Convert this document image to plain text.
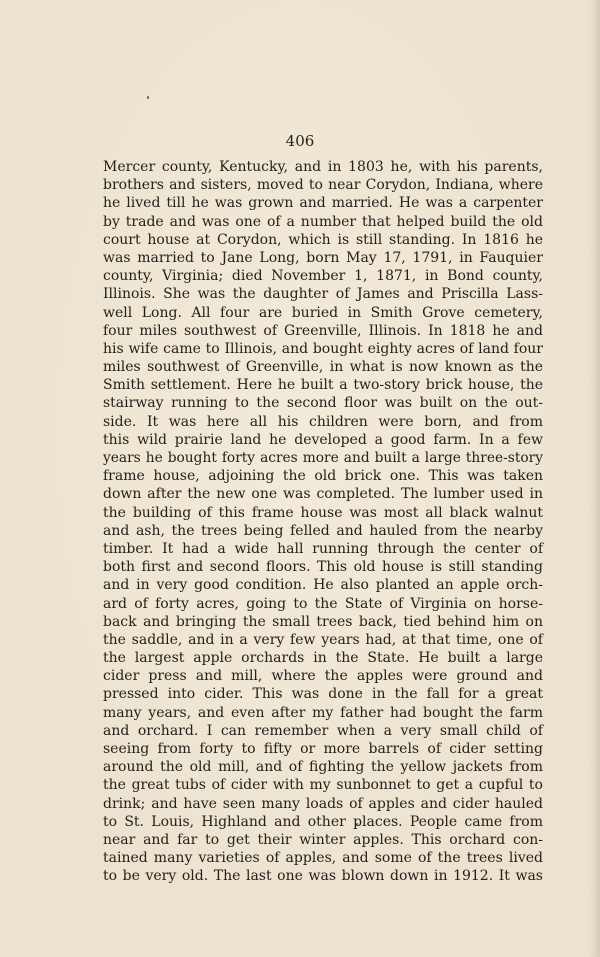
406

Mercer county, Kentucky, and in 1803 he, with his parents,
brothers and sisters, moved to near Corydon, Indiana, where
he lived till he was grown and married. He was a carpenter
by trade and was one of a number that helped build the old
court house at Corydon, which is still standing. In 1816 he
was married to Jane Long, born May 17, 1791, in Fauquier
county, Virginia; died November 1, 1871, in Bond county,
Illinois. She was the daughter of James and Priscilla Lass-
well Long. All four are buried in Smith Grove cemetery,
four miles southwest of Greenville, Illinois. In 1818 he and
his wife came to Illinois, and bought eighty acres of land four
miles southwest of Greenville, in what is now known as the
Smith settlement. Here he built a two-story brick house, the
stairway running to the second floor was built on the out-
side. It was here all his children were born, and from
this wild prairie land he developed a good farm. In a few
years he bought forty acres more and built a large three-story
frame house, adjoining the old brick one. This was taken
down after the new one was completed. The lumber used in
the building of this frame house was most all black walnut
and ash, the trees being felled and hauled from the nearby
timber. It had a wide hall running through the center of
both first and second floors. This old house is still standing
and in very good condition. He also planted an apple orch-
ard of forty acres, going to the State of Virginia on horse-
back and bringing the small trees back, tied behind him on
the saddle, and in a very few years had, at that time, one of
the largest apple orchards in the State. He built a large
cider press and mill, where the apples were ground and
pressed into cider. This was done in the fall for a great
many years, and even after my father had bought the farm
and orchard. I can remember when a very small child of
seeing from forty to fifty or more barrels of cider setting
around the old mill, and of fighting the yellow jackets from
the great tubs of cider with my sunbonnet to get a cupful to
drink; and have seen many loads of apples and cider hauled
to St. Louis, Highland and other places. People came from
near and far to get their winter apples. This orchard con-
tained many varieties of apples, and some of the trees lived
to be very old. The last one was blown down in 1912. It was
